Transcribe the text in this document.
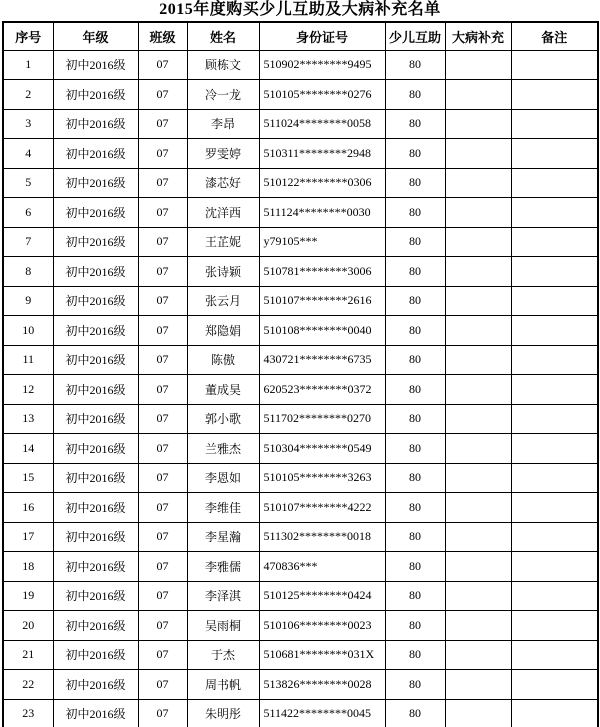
2015年度购买少儿互助及大病补充名单
序号	年级	班级	姓名	身份证号	少儿互助	大病补充	备注
1	初中2016级	07	顾栋文	510902********9495	80		
2	初中2016级	07	冷一龙	510105********0276	80		
3	初中2016级	07	李昂	511024********0058	80		
4	初中2016级	07	罗雯婷	510311********2948	80		
5	初中2016级	07	漆芯好	510122********0306	80		
6	初中2016级	07	沈洋西	511124********0030	80		
7	初中2016级	07	王芷妮	y79105***	80		
8	初中2016级	07	张诗颖	510781********3006	80		
9	初中2016级	07	张云月	510107********2616	80		
10	初中2016级	07	郑隐娟	510108********0040	80		
11	初中2016级	07	陈傲	430721********6735	80		
12	初中2016级	07	董成昊	620523********0372	80		
13	初中2016级	07	郭小歌	511702********0270	80		
14	初中2016级	07	兰雅杰	510304********0549	80		
15	初中2016级	07	李恩如	510105********3263	80		
16	初中2016级	07	李维佳	510107********4222	80		
17	初中2016级	07	李星瀚	511302********0018	80		
18	初中2016级	07	李雅儒	470836***	80		
19	初中2016级	07	李泽淇	510125********0424	80		
20	初中2016级	07	吴雨桐	510106********0023	80		
21	初中2016级	07	于杰	510681********031X	80		
22	初中2016级	07	周书帆	513826********0028	80		
23	初中2016级	07	朱明彤	511422********0045	80		
